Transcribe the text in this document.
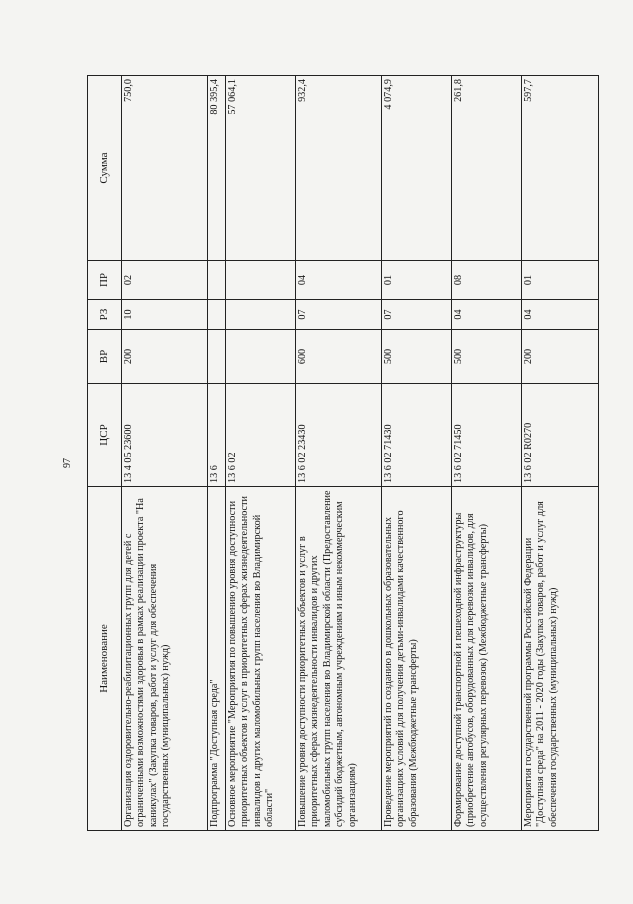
97
Наименование	ЦСР	ВР	РЗ	ПР	Сумма
Организация оздоровительно-реабилитационных групп для детей с ограниченными возможностями здоровья в рамках реализации проекта "На каникулах" (Закупка товаров, работ и услуг для обеспечения государственных (муниципальных) нужд)	13 4 05 23600	200	10	02	750,0
Подпрограмма "Доступная среда"	13 6				80 395,4
Основное мероприятие "Мероприятия по повышению уровня доступности приоритетных объектов и услуг в приоритетных сферах жизнедеятельности инвалидов и других маломобильных групп населения во Владимирской области"	13 6 02				57 064,1
Повышение уровня доступности приоритетных объектов и услуг в приоритетных сферах жизнедеятельности инвалидов и других маломобильных групп населения во Владимирской области (Предоставление субсидий бюджетным, автономным учреждениям и иным некоммерческим организациям)	13 6 02 23430	600	07	04	932,4
Проведение мероприятий по созданию в дошкольных образовательных организациях условий для получения детьми-инвалидами качественного образования (Межбюджетные трансферты)	13 6 02 71430	500	07	01	4 074,9
Формирование доступной транспортной и пешеходной инфраструктуры (приобретение автобусов, оборудованных для перевозки инвалидов, для осуществления регулярных перевозок) (Межбюджетные трансферты)	13 6 02 71450	500	04	08	261,8
Мероприятия государственной программы Российской Федерации "Доступная среда" на 2011 - 2020 годы (Закупка товаров, работ и услуг для обеспечения государственных (муниципальных) нужд)	13 6 02 R0270	200	04	01	597,7
